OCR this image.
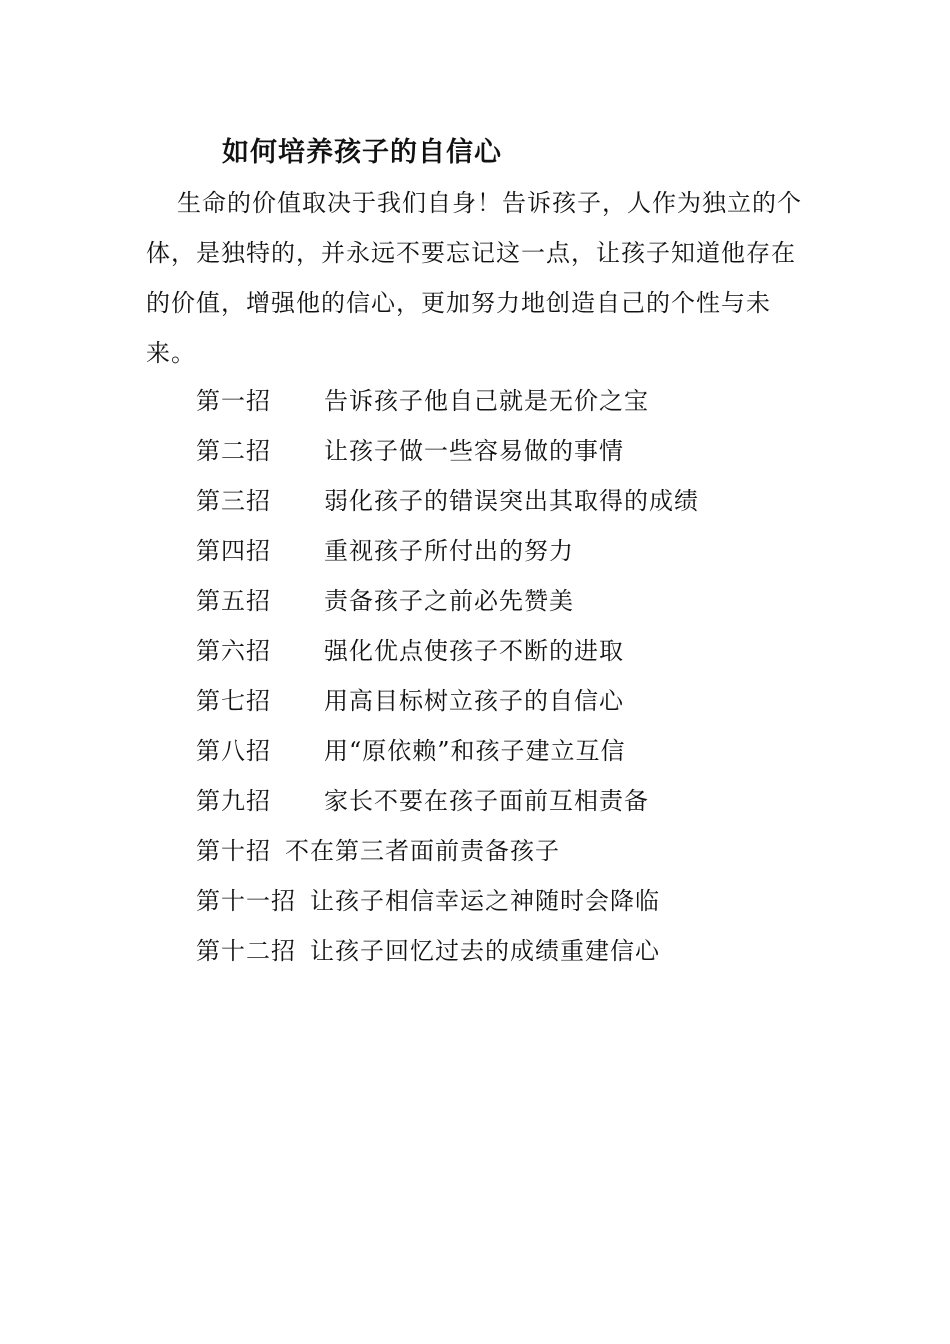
如何培养孩子的自信心

生命的价值取决于我们自身！告诉孩子，人作为独立的个体，是独特的，并永远不要忘记这一点，让孩子知道他存在的价值，增强他的信心，更加努力地创造自己的个性与未来。

第一招 告诉孩子他自己就是无价之宝
第二招 让孩子做一些容易做的事情
第三招 弱化孩子的错误突出其取得的成绩
第四招 重视孩子所付出的努力
第五招 责备孩子之前必先赞美
第六招 强化优点使孩子不断的进取
第七招 用高目标树立孩子的自信心
第八招 用“原依赖”和孩子建立互信
第九招 家长不要在孩子面前互相责备
第十招 不在第三者面前责备孩子
第十一招 让孩子相信幸运之神随时会降临
第十二招 让孩子回忆过去的成绩重建信心
